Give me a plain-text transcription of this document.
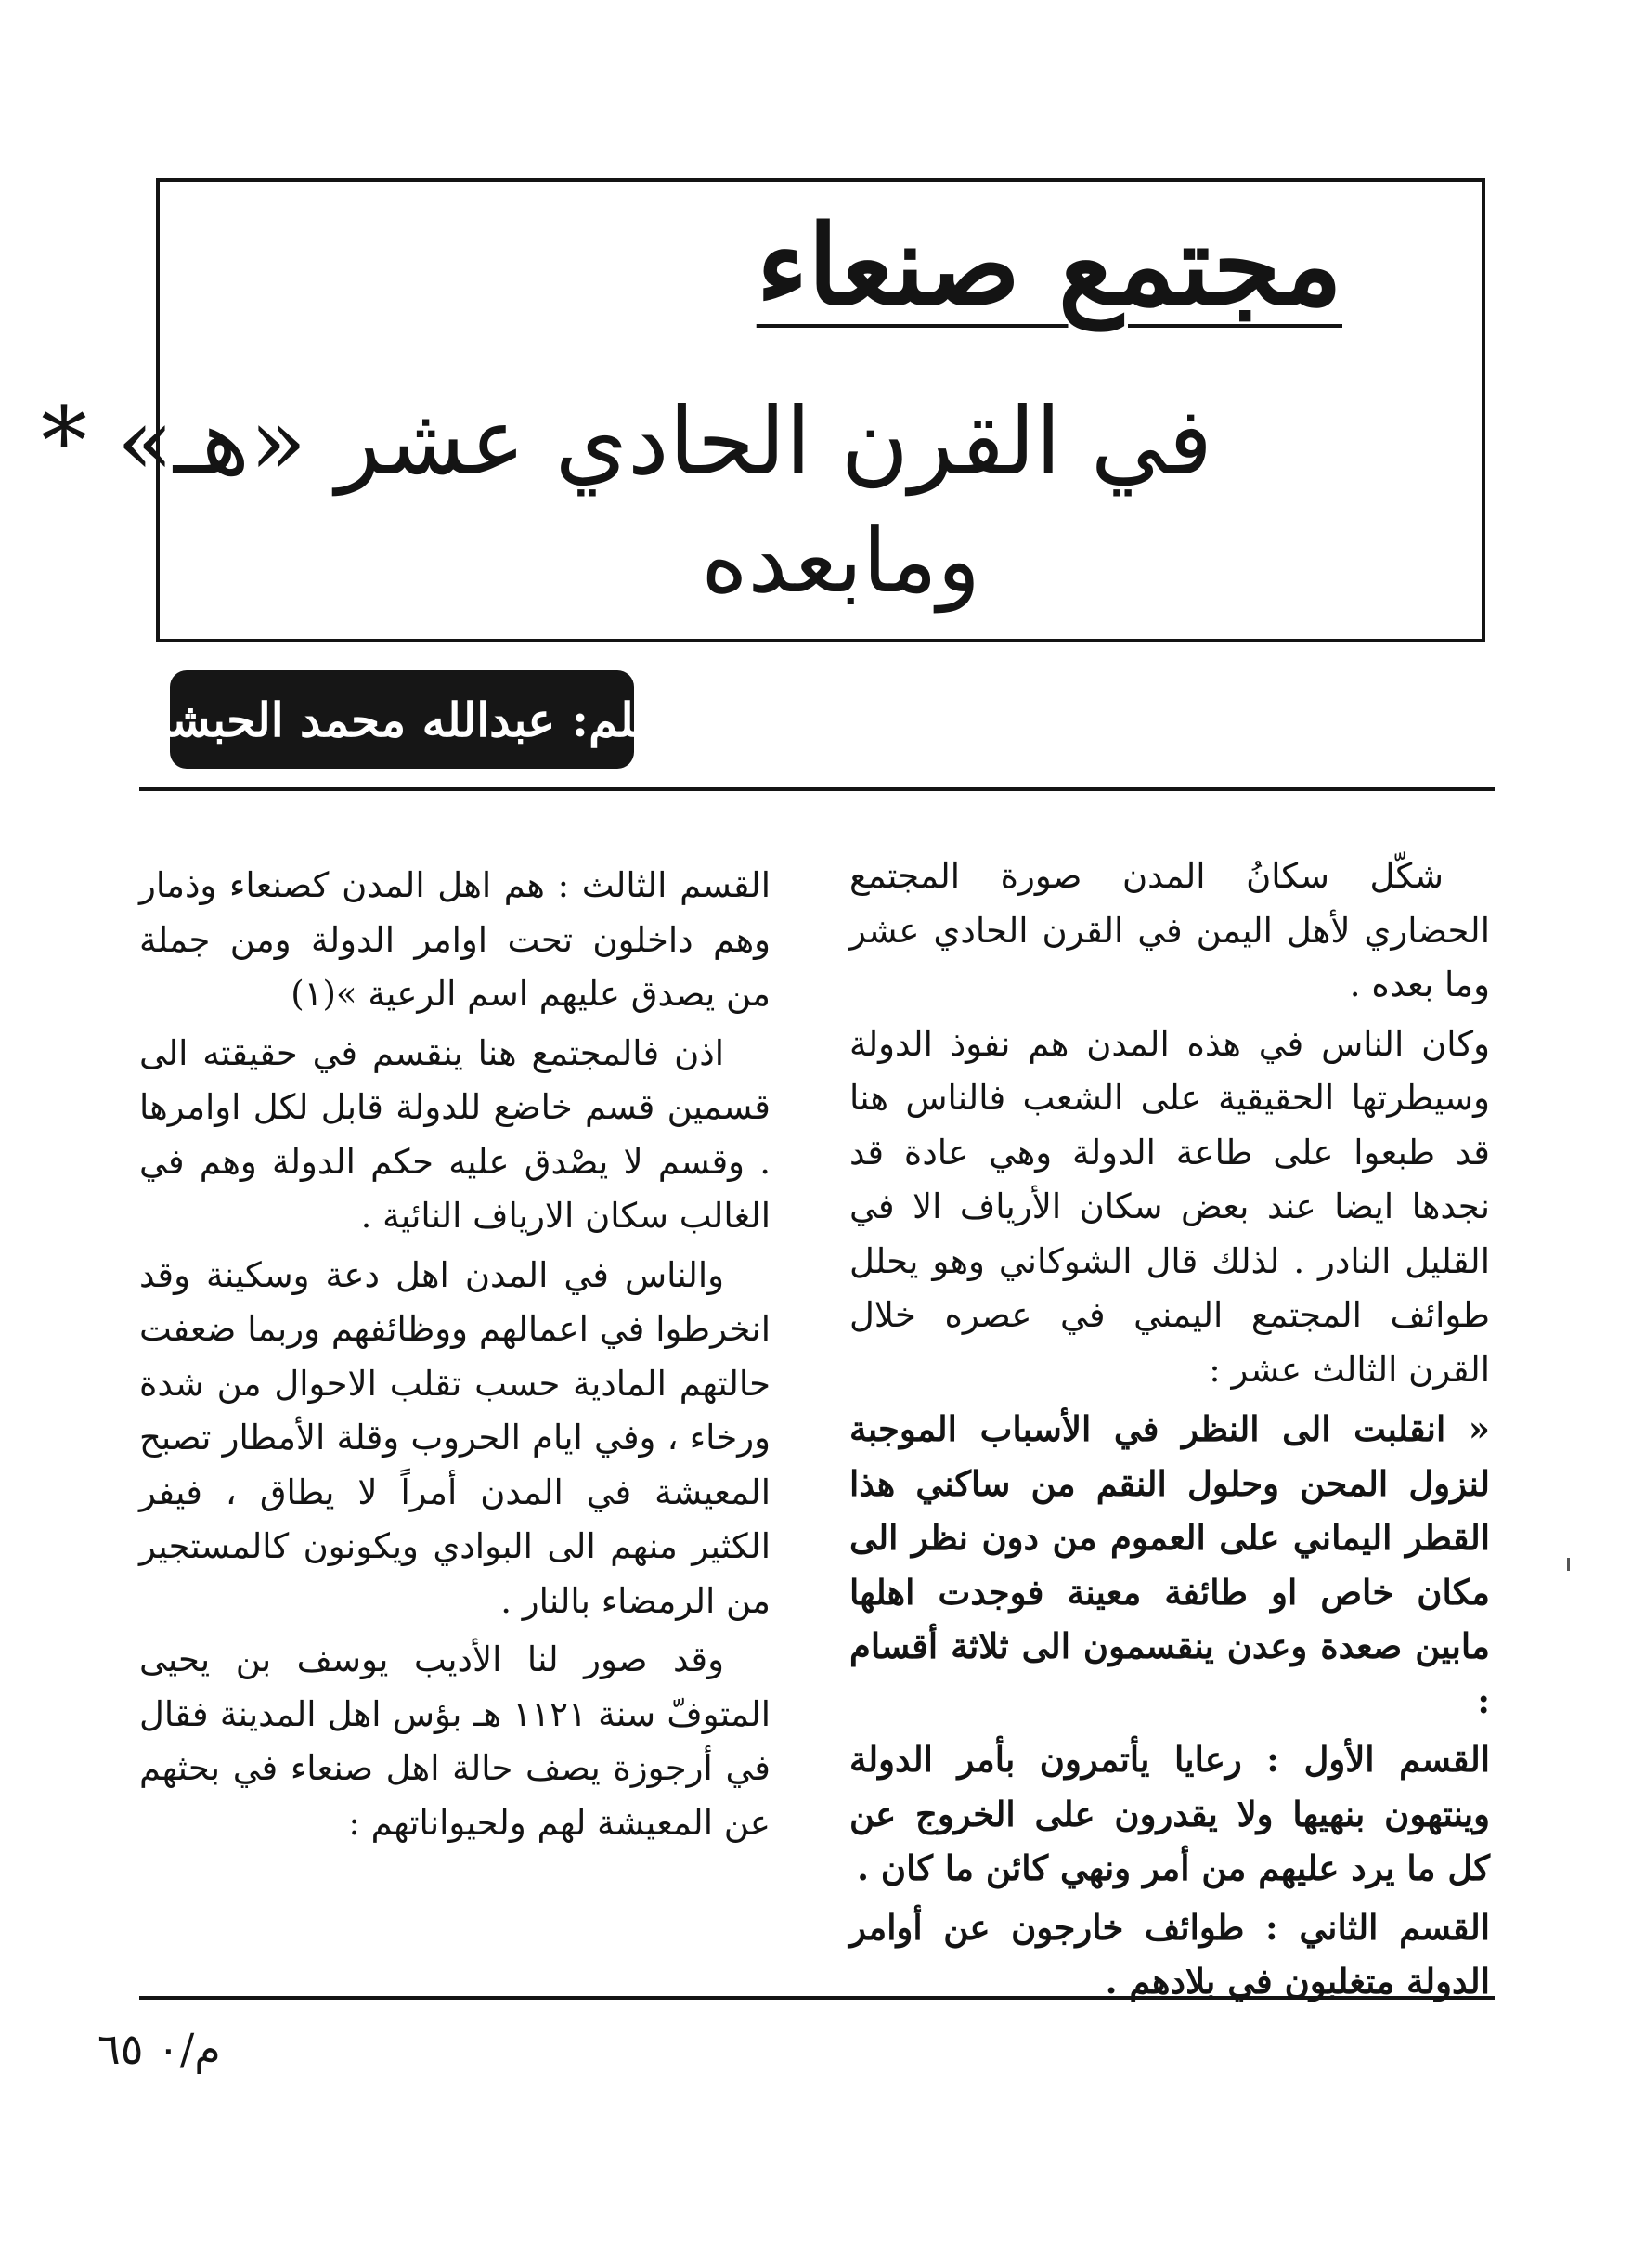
مجتمع صنعاء
في القرن الحادي عشر «هـ» *
ومابعده
بقلم: عبدالله محمد الحبشي

شكّل سكانُ المدن صورة المجتمع الحضاري لأهل اليمن في القرن الحادي عشر وما بعده .

وكان الناس في هذه المدن هم نفوذ الدولة وسيطرتها الحقيقية على الشعب فالناس هنا قد طبعوا على طاعة الدولة وهي عادة قد نجدها ايضا عند بعض سكان الأرياف الا في القليل النادر . لذلك قال الشوكاني وهو يحلل طوائف المجتمع اليمني في عصره خلال القرن الثالث عشر :

« انقلبت الى النظر في الأسباب الموجبة لنزول المحن وحلول النقم من ساكني هذا القطر اليماني على العموم من دون نظر الى مكان خاص او طائفة معينة فوجدت اهلها مابين صعدة وعدن ينقسمون الى ثلاثة أقسام :

القسم الأول : رعايا يأتمرون بأمر الدولة وينتهون بنهيها ولا يقدرون على الخروج عن كل ما يرد عليهم من أمر ونهي كائن ما كان .

القسم الثاني : طوائف خارجون عن أوامر الدولة متغلبون في بلادهم .

القسم الثالث : هم اهل المدن كصنعاء وذمار وهم داخلون تحت اوامر الدولة ومن جملة من يصدق عليهم اسم الرعية »(١)

اذن فالمجتمع هنا ينقسم في حقيقته الى قسمين قسم خاضع للدولة قابل لكل اوامرها . وقسم لا يصْدق عليه حكم الدولة وهم في الغالب سكان الارياف النائية .

والناس في المدن اهل دعة وسكينة وقد انخرطوا في اعمالهم ووظائفهم وربما ضعفت حالتهم المادية حسب تقلب الاحوال من شدة ورخاء ، وفي ايام الحروب وقلة الأمطار تصبح المعيشة في المدن أمراً لا يطاق ، فيفر الكثير منهم الى البوادي ويكونون كالمستجير من الرمضاء بالنار .

وقد صور لنا الأديب يوسف بن يحيى المتوفّ سنة ١١٢١ هـ بؤس اهل المدينة فقال في أرجوزة يصف حالة اهل صنعاء في بحثهم عن المعيشة لهم ولحيواناتهم :

م/٠ ٦٥
